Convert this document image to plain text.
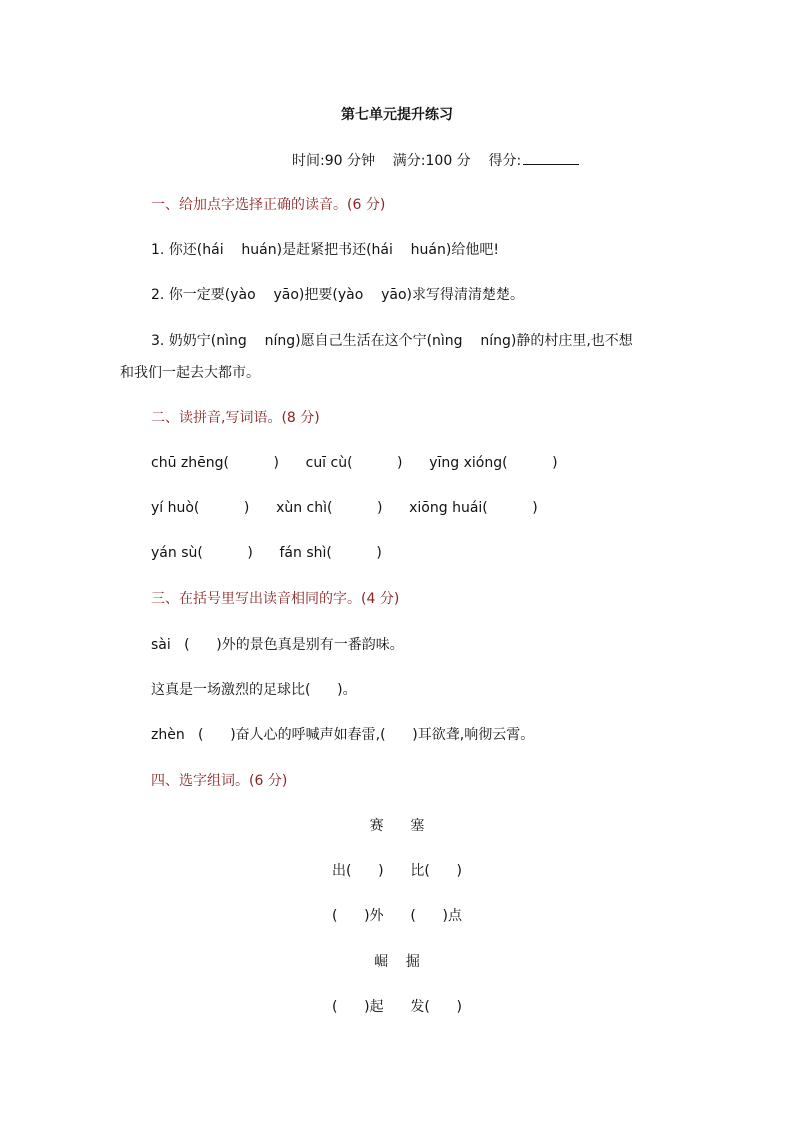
第七单元提升练习
时间:90 分钟    满分:100 分    得分:
一、给加点字选择正确的读音。(6 分)
1. 你还(hái    huán)是赶紧把书还(hái    huán)给他吧!
2. 你一定要(yào    yāo)把要(yào    yāo)求写得清清楚楚。
3. 奶奶宁(nìng    níng)愿自己生活在这个宁(nìng    níng)静的村庄里,也不想
和我们一起去大都市。
二、读拼音,写词语。(8 分)
chū zhēng(          )      cuī cù(          )      yīng xióng(          )
yí huò(          )      xùn chì(          )      xiōng huái(          )
yán sù(          )      fán shì(          )
三、在括号里写出读音相同的字。(4 分)
sài   (      )外的景色真是别有一番韵味。
这真是一场激烈的足球比(      )。
zhèn   (      )奋人心的呼喊声如春雷,(      )耳欲聋,响彻云霄。
四、选字组词。(6 分)
赛      塞
出(      )      比(      )
(      )外      (      )点
崛    掘
(      )起      发(      )
